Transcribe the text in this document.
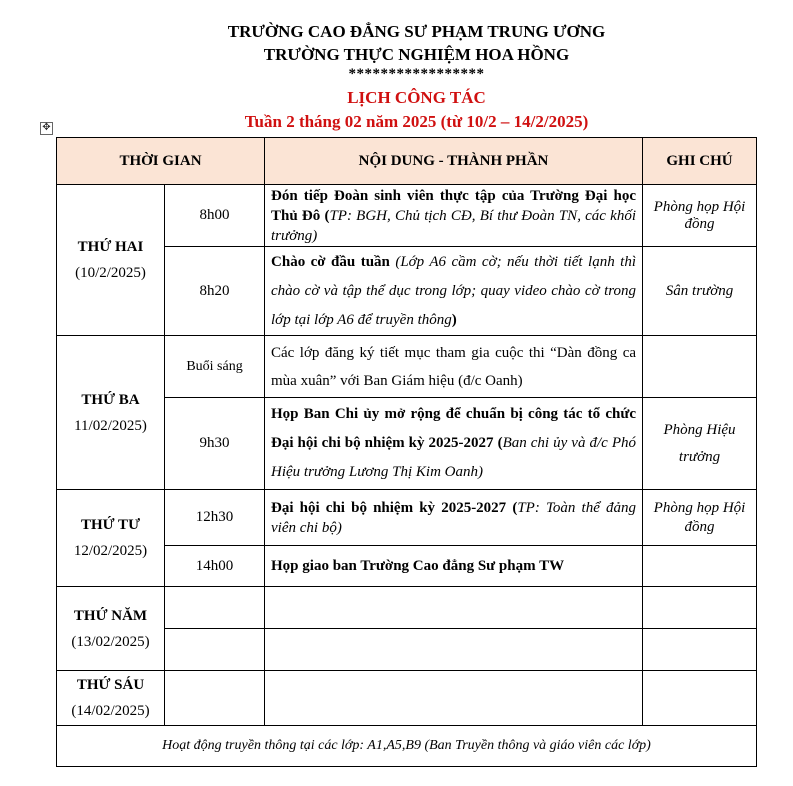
TRƯỜNG CAO ĐẲNG SƯ PHẠM TRUNG ƯƠNG
TRƯỜNG THỰC NGHIỆM HOA HỒNG
*****************
LỊCH CÔNG TÁC
Tuần 2 tháng 02 năm 2025 (từ 10/2 – 14/2/2025)
✥
THỜI GIAN		NỘI DUNG - THÀNH PHẦN	GHI CHÚ

THỨ HAI
(10/2/2025)	8h00	Đón tiếp Đoàn sinh viên thực tập của Trường Đại học Thủ Đô (TP: BGH, Chủ tịch CĐ, Bí thư Đoàn TN, các khối trưởng)	Phòng họp Hội đồng
	8h20	Chào cờ đầu tuần (Lớp A6 cầm cờ; nếu thời tiết lạnh thì chào cờ và tập thể dục trong lớp; quay video chào cờ trong lớp tại lớp A6 để truyền thông)	Sân trường

THỨ BA
11/02/2025)	Buổi sáng	Các lớp đăng ký tiết mục tham gia cuộc thi “Dàn đồng ca mùa xuân” với Ban Giám hiệu (đ/c Oanh)	
	9h30	Họp Ban Chi ủy mở rộng để chuẩn bị công tác tổ chức Đại hội chi bộ nhiệm kỳ 2025-2027 (Ban chi ủy và đ/c Phó Hiệu trưởng Lương Thị Kim Oanh)	Phòng Hiệu trưởng

THỨ TƯ
12/02/2025)	12h30	Đại hội chi bộ nhiệm kỳ 2025-2027 (TP: Toàn thể đảng viên chi bộ)	Phòng họp Hội đồng
	14h00	Họp giao ban Trường Cao đẳng Sư phạm TW	

THỨ NĂM
(13/02/2025)			

THỨ SÁU
(14/02/2025)			
Hoạt động truyền thông tại các lớp: A1,A5,B9 (Ban Truyền thông và giáo viên các lớp)			
